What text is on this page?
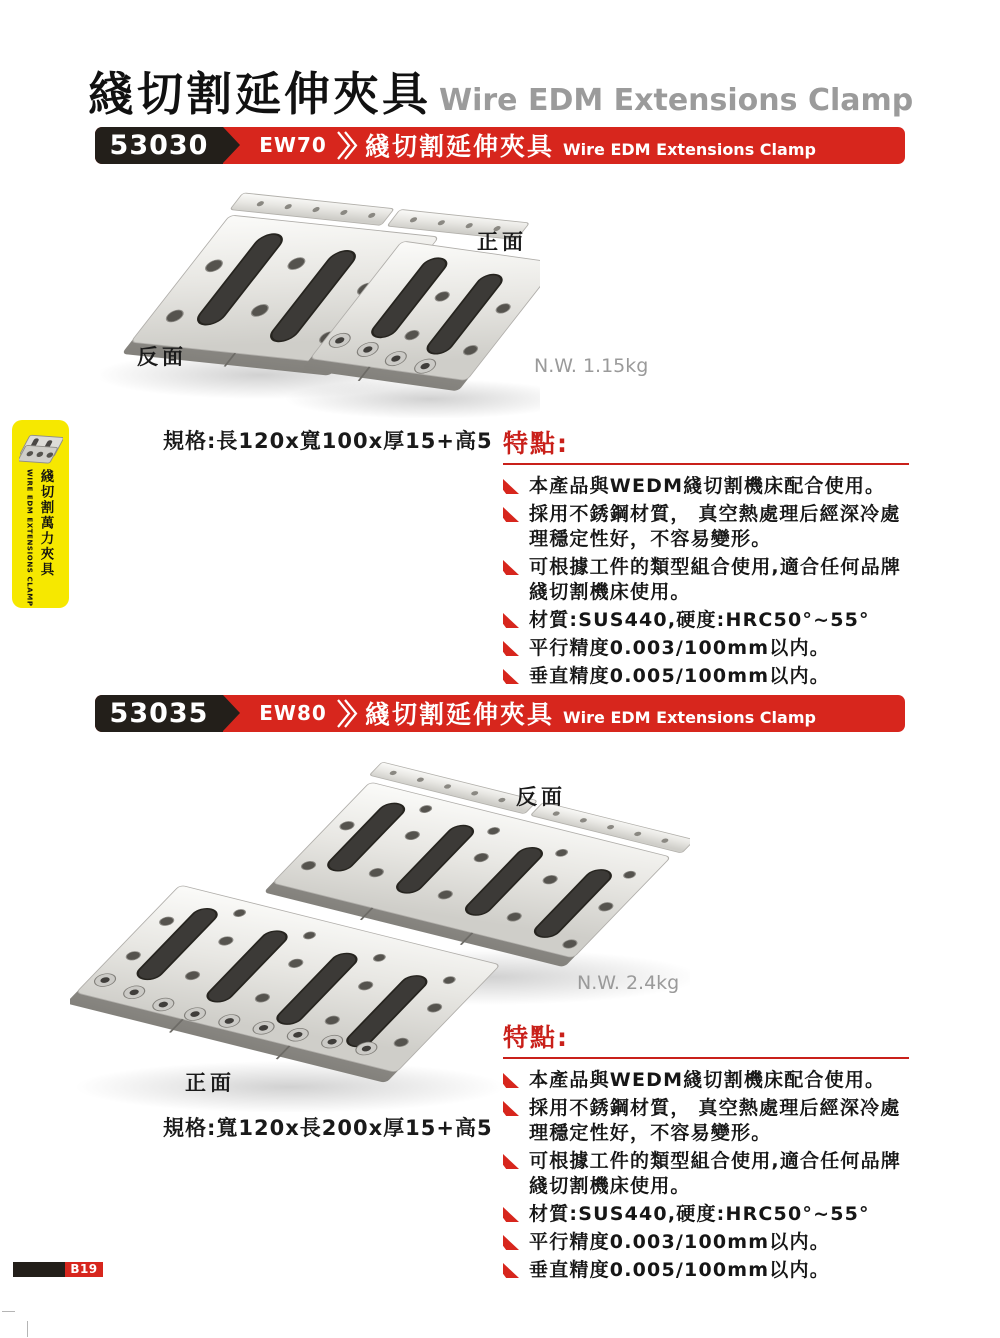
綫切割延伸夾具 Wire EDM Extensions Clamp
53030	EW70 綫切割延伸夾具 Wire EDM Extensions Clamp
反面
正面
N.W. 1.15kg
規格:長120x寬100x厚15+高5 特點:
本產品與WEDM綫切割機床配合使用。
採用不銹鋼材質， 真空熱處理后經深冷處理穩定性好，不容易變形。
可根據工件的類型組合使用,適合任何品牌綫切割機床使用。
材質:SUS440,硬度:HRC50°~55°
平行精度0.003/100mm以内。
垂直精度0.005/100mm以内。
WIRE EDM EXTENSIONS CLAMP 綫切割萬力夾具
53035	EW80 綫切割延伸夾具 Wire EDM Extensions Clamp
反面
正面
N.W. 2.4kg
規格:寬120x長200x厚15+高5
特點:
本產品與WEDM綫切割機床配合使用。
採用不銹鋼材質， 真空熱處理后經深冷處理穩定性好，不容易變形。
可根據工件的類型組合使用,適合任何品牌綫切割機床使用。
材質:SUS440,硬度:HRC50°~55°
平行精度0.003/100mm以内。
垂直精度0.005/100mm以内。
B19
